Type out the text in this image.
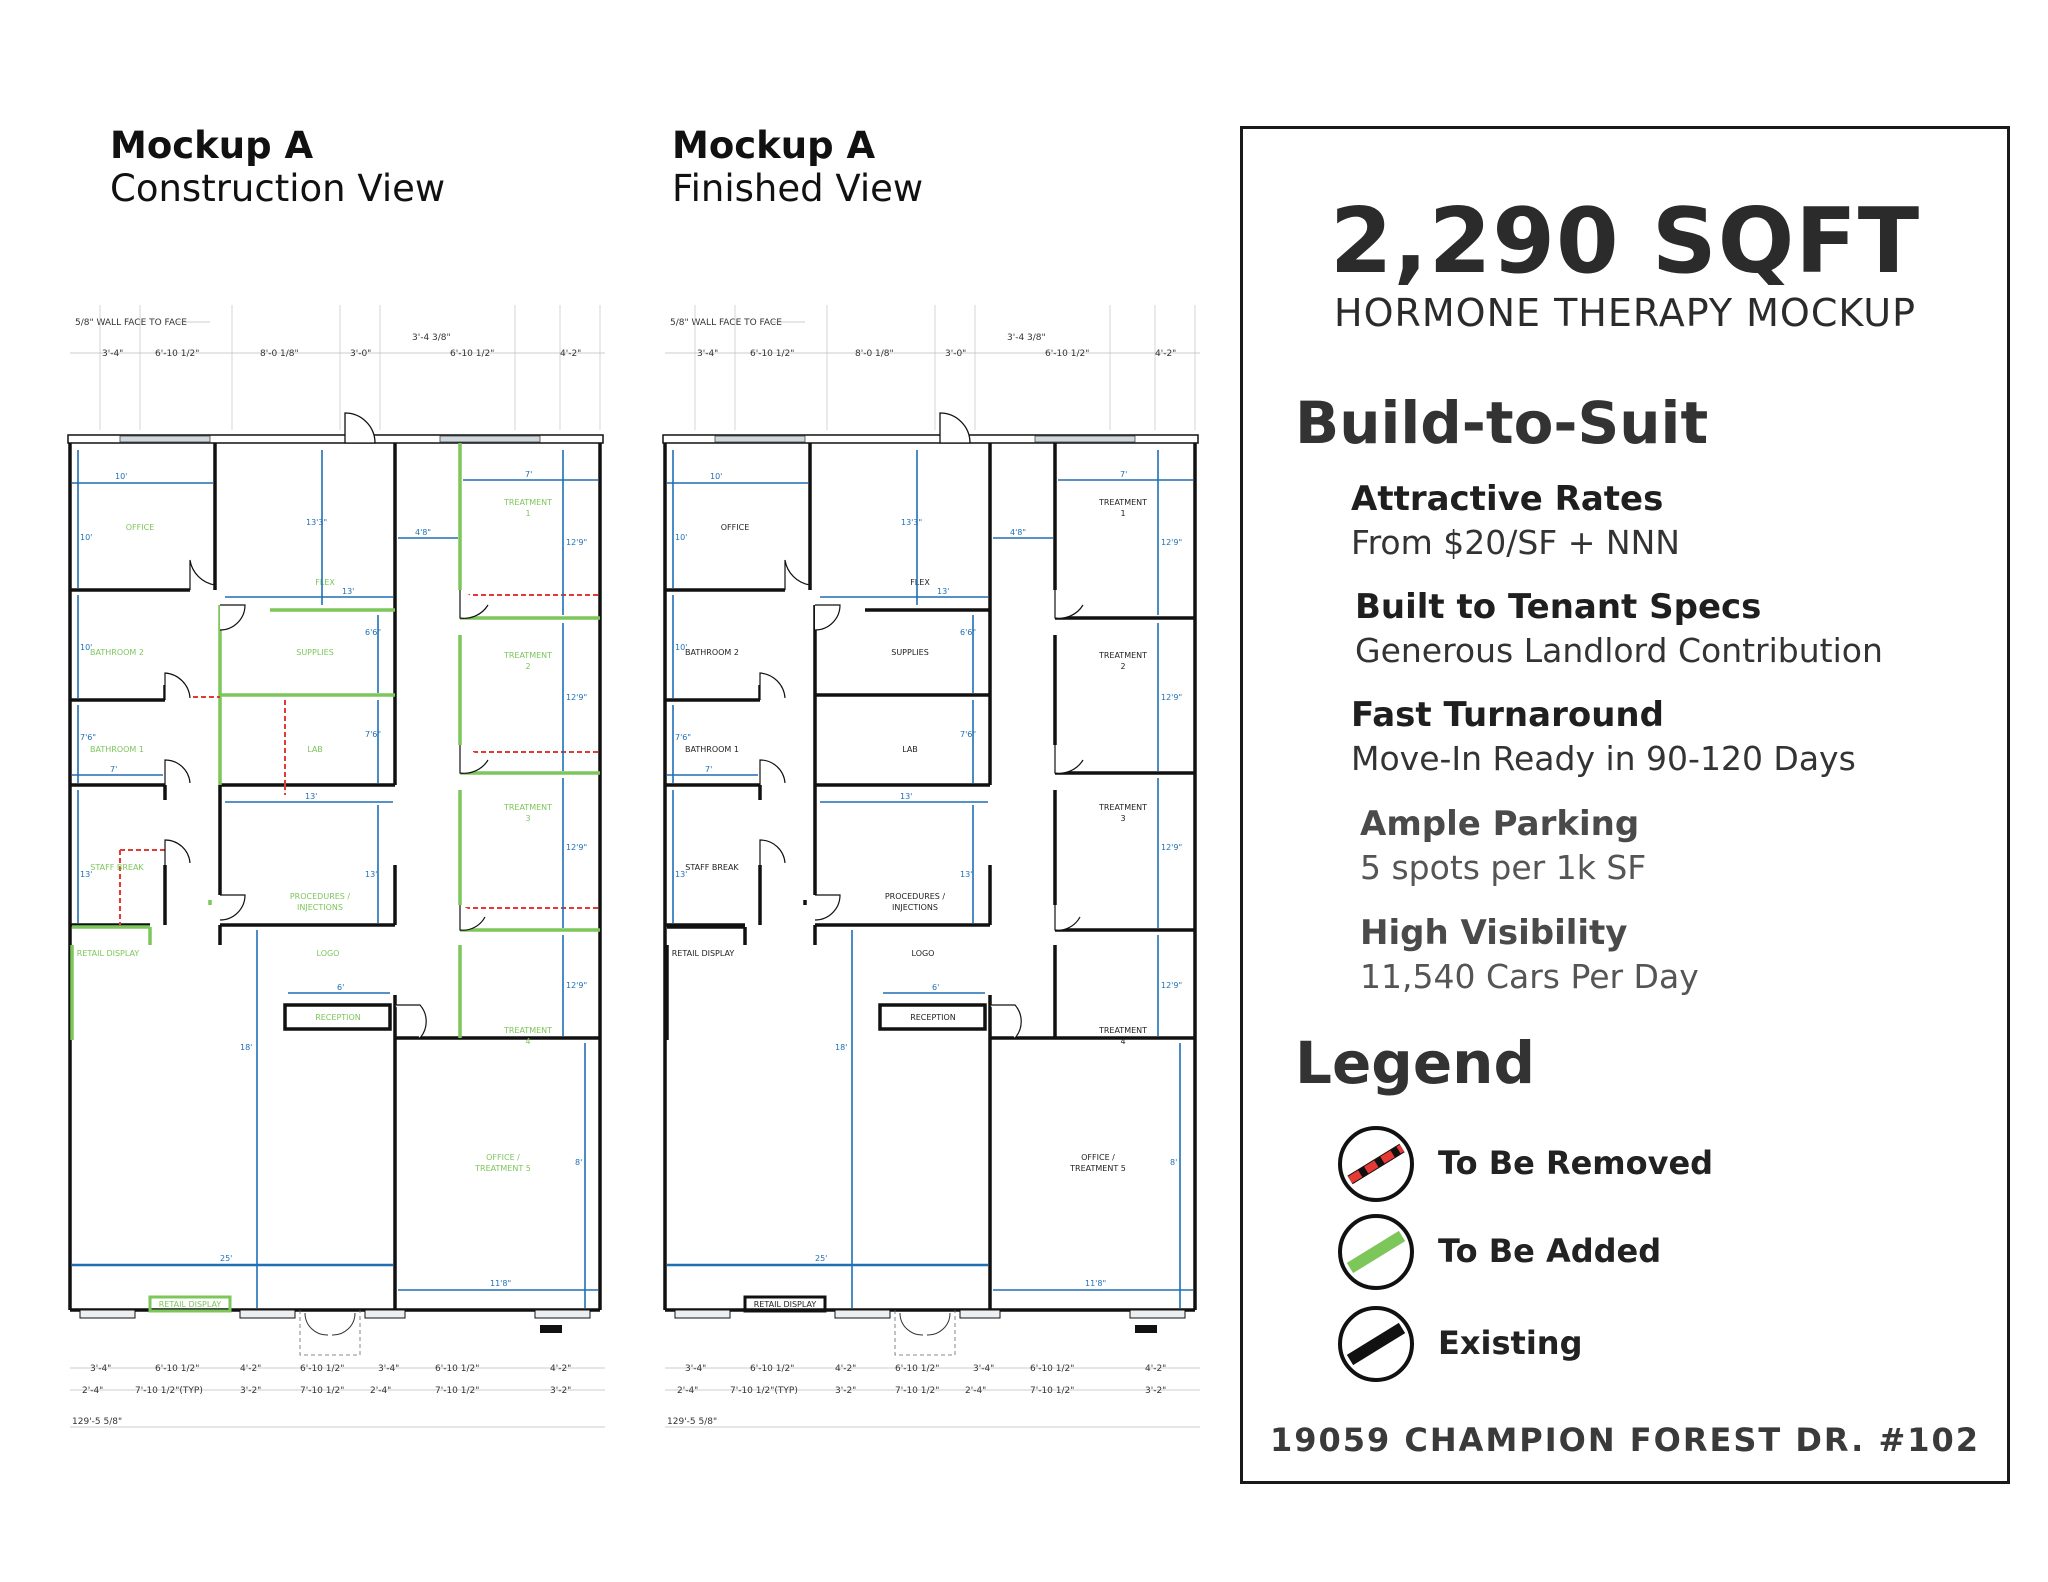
Mockup A
Construction View
Mockup A
Finished View
5/8" WALL FACE TO FACE
3'-4 3/8"
3'-4"	6'-10 1/2"	8'-0 1/8"	3'-0"	6'-10 1/2"	4'-2"
3'-4"	6'-10 1/2"	4'-2"	6'-10 1/2"	3'-4"	6'-10 1/2"	4'-2"
2'-4"	7'-10 1/2"(TYP)	3'-2"	7'-10 1/2"	2'-4"	7'-10 1/2"	3'-2"
129'-5 5/8"
OFFICE
FLEX
TREATMENT
1
BATHROOM 2	SUPPLIES	TREATMENT
2
BATHROOM 1	LAB
TREATMENT
3
STAFF BREAK
PROCEDURES /
INJECTIONS
RETAIL DISPLAY	LOGO
TREATMENT
4
RECEPTION
OFFICE /
TREATMENT 5
RETAIL DISPLAY
10'
10'
13'3"
13'
4'8"
7'
12'9"
10'
6'6"
12'9"
7'6"
7'
7'6"
12'9"
13'
13'
13'
12'9"
6'
18'
25'
8'
11'8"
5/8" WALL FACE TO FACE
3'-4 3/8"
3'-4"	6'-10 1/2"	8'-0 1/8"	3'-0"	6'-10 1/2"	4'-2"
3'-4"	6'-10 1/2"	4'-2"	6'-10 1/2"	3'-4"	6'-10 1/2"	4'-2"
2'-4"	7'-10 1/2"(TYP)	3'-2"	7'-10 1/2"	2'-4"	7'-10 1/2"	3'-2"
129'-5 5/8"
OFFICE
FLEX
TREATMENT
1
BATHROOM 2	SUPPLIES	TREATMENT
2
BATHROOM 1	LAB
TREATMENT
3
STAFF BREAK
PROCEDURES /
INJECTIONS
RETAIL DISPLAY	LOGO
TREATMENT
4
RECEPTION
OFFICE /
TREATMENT 5
RETAIL DISPLAY
10'
10'
13'3"
13'
4'8"
7'
12'9"
10'
6'6"
12'9"
7'6"
7'
7'6"
12'9"
13'
13'
13'
12'9"
6'
18'
25'
8'
11'8"
2,290 SQFT
HORMONE THERAPY MOCKUP
Build-to-Suit
Attractive Rates
From $20/SF + NNN
Built to Tenant Specs
Generous Landlord Contribution
Fast Turnaround
Move-In Ready in 90-120 Days
Ample Parking
5 spots per 1k SF
High Visibility
11,540 Cars Per Day
Legend
To Be Removed
To Be Added
Existing
19059 CHAMPION FOREST DR. #102
